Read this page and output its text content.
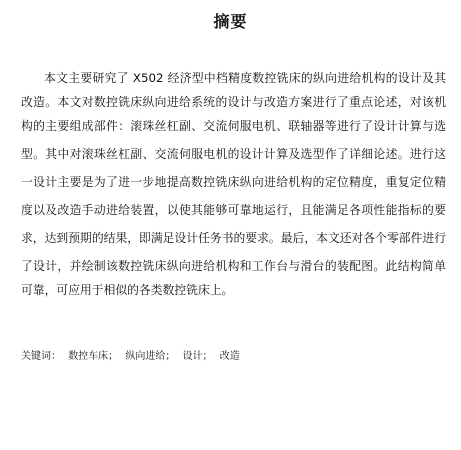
摘要
本文主要研究了 X502 经济型中档精度数控铣床的纵向进给机构的设计及其
改造。本文对数控铣床纵向进给系统的设计与改造方案进行了重点论述，对该机
构的主要组成部件：滚珠丝杠副、交流伺服电机、联轴器等进行了设计计算与选
型。其中对滚珠丝杠副、交流伺服电机的设计计算及选型作了详细论述。进行这
一设计主要是为了进一步地提高数控铣床纵向进给机构的定位精度，重复定位精
度以及改造手动进给装置，以使其能够可靠地运行，且能满足各项性能指标的要
求，达到预期的结果，即满足设计任务书的要求。最后，本文还对各个零部件进行
了设计，并绘制该数控铣床纵向进给机构和工作台与滑台的装配图。此结构简单
可靠，可应用于相似的各类数控铣床上。
关键词： 数控车床； 纵向进给； 设计； 改造
